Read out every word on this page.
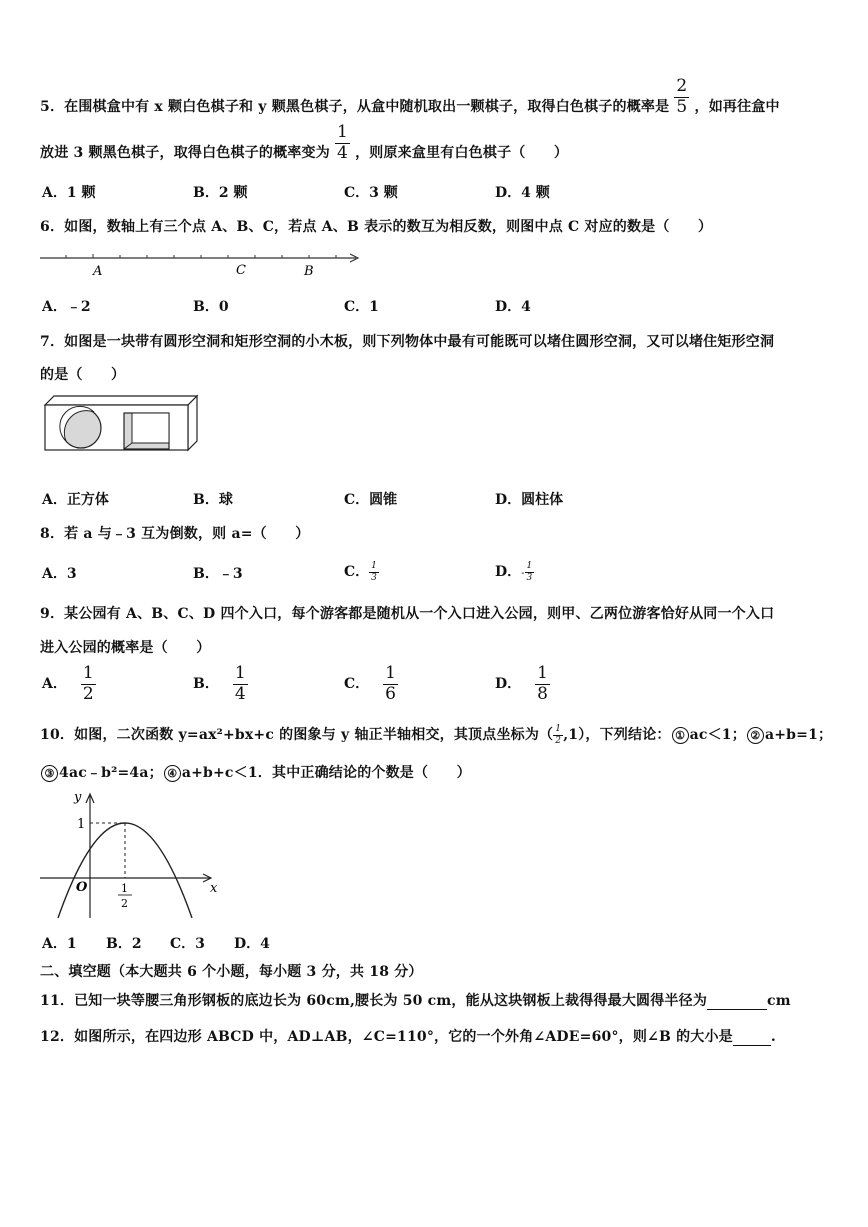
5．在围棋盒中有 x 颗白色棋子和 y 颗黑色棋子，从盒中随机取出一颗棋子，取得白色棋子的概率是 $\frac{2}{5}$ ，如再往盒中
放进 3 颗黑色棋子，取得白色棋子的概率变为 $\frac{1}{4}$ ，则原来盒里有白色棋子（　　）
A．1 颗	B．2 颗	C．3 颗	D．4 颗
6．如图，数轴上有三个点 A、B、C，若点 A、B 表示的数互为相反数，则图中点 C 对应的数是（　　）
A	C	B
A．﹣2	B．0	C．1	D．4
7．如图是一块带有圆形空洞和矩形空洞的小木板，则下列物体中最有可能既可以堵住圆形空洞，又可以堵住矩形空洞
的是（　　）
A．正方体	B．球	C．圆锥	D．圆柱体
8．若 a 与﹣3 互为倒数，则 a=（　　）
A．3	B．﹣3	C． $\frac{1}{3}$	D．- $\frac{1}{3}$
9．某公园有 A、B、C、D 四个入口，每个游客都是随机从一个入口进入公园，则甲、乙两位游客恰好从同一个入口
进入公园的概率是（　　）
A． $\frac{1}{2}$	B． $\frac{1}{4}$	C． $\frac{1}{6}$	D． $\frac{1}{8}$
10．如图，二次函数 y=ax²+bx+c 的图象与 y 轴正半轴相交，其顶点坐标为（ $\frac{1}{2} ,1$），下列结论： ① ac＜1； ② a+b=1；
③ 4ac﹣b²=4a； ④ a+b+c＜1．其中正确结论的个数是（　　）
y
x
O
1
1
2
A．1 B．2 C．3 D．4
二、填空题（本大题共 6 个小题，每小题 3 分，共 18 分）
11．已知一块等腰三角形钢板的底边长为 60cm,腰长为 50 cm，能从这块钢板上裁得得最大圆得半径为	cm
12．如图所示，在四边形 ABCD 中，AD⊥AB，∠C=110°，它的一个外角∠ADE=60°，则∠B 的大小是	.
